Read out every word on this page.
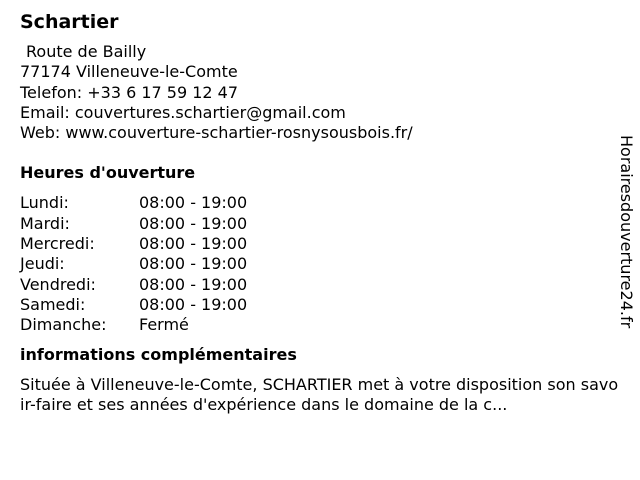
Schartier
Route de Bailly
77174 Villeneuve-le-Comte
Telefon: +33 6 17 59 12 47
Email: couvertures.schartier@gmail.com
Web: www.couverture-schartier-rosnysousbois.fr/
Heures d'ouverture
Lundi:	08:00 - 19:00
Mardi:	08:00 - 19:00
Mercredi:	08:00 - 19:00
Jeudi:	08:00 - 19:00
Vendredi:	08:00 - 19:00
Samedi:	08:00 - 19:00
Dimanche:	Fermé
informations complémentaires

Située à Villeneuve-le-Comte, SCHARTIER met à votre disposition son savoir-faire et ses années d'expérience dans le domaine de la c...

Horairesdouverture24.fr
